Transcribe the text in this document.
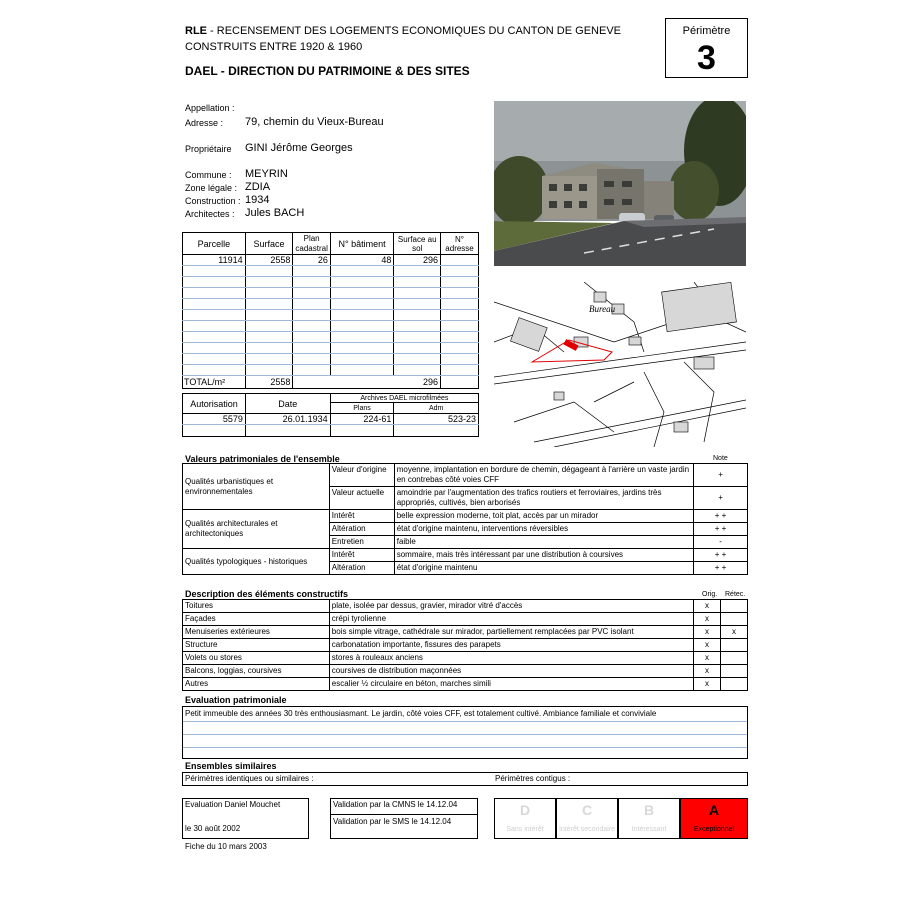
RLE - RECENSEMENT DES LOGEMENTS ECONOMIQUES DU CANTON DE GENEVE
CONSTRUITS ENTRE 1920 & 1960
DAEL - DIRECTION DU PATRIMOINE & DES SITES
Périmètre
3
Appellation :
Adresse : 79, chemin du Vieux-Bureau
Propriétaire GINI Jérôme Georges
Commune : MEYRIN
Zone légale : ZDIA
Construction : 1934
Architectes : Jules BACH
Parcelle	Surface	Plan cadastral	N° bâtiment	Surface au sol	N° adresse
11914	2558	26	48	296	

TOTAL/m²	2558	296			
Autorisation	Date	Archives DAEL microfilmées	
		Plans	Adm
5579	26.01.1934	224-61	523-23

Bureau
Valeurs patrimoniales de l'ensemble	Note
Qualités urbanistiques et environnementales	Valeur d'origine	moyenne, implantation en bordure de chemin, dégageant à l'arrière un vaste jardin en contrebas côté voies CFF	+
	Valeur actuelle	amoindrie par l'augmentation des trafics routiers et ferroviaires, jardins très appropriés, cultivés, bien arborisés	+
Qualités architecturales et architectoniques	Intérêt	belle expression moderne, toit plat, accès par un mirador	+ +
	Altération	état d'origine maintenu, interventions réversibles	+ +
	Entretien	faible	-
Qualités typologiques - historiques	Intérêt	sommaire, mais très intéressant par une distribution à coursives	+ +
	Altération	état d'origine maintenu	+ +
Description des éléments constructifs	Orig. Rétec.
Toitures	plate, isolée par dessus, gravier, mirador vitré d'accès	x	
Façades	crépi tyrolienne	x	
Menuiseries extérieures	bois simple vitrage, cathédrale sur mirador, partiellement remplacées par PVC isolant	x	x
Structure	carbonatation importante, fissures des parapets	x	
Volets ou stores	stores à rouleaux anciens	x	
Balcons, loggias, coursives	coursives de distribution maçonnées	x	
Autres	escalier ½ circulaire en béton, marches simili	x	
Evaluation patrimoniale
Petit immeuble des années 30 très enthousiasmant. Le jardin, côté voies CFF, est totalement cultivé. Ambiance familiale et conviviale
Ensembles similaires
Périmètres identiques ou similaires :	Périmètres contigus :
Evaluation Daniel Mouchet
le 30 août 2002
Fiche du 10 mars 2003
Validation par la CMNS le 14.12.04
Validation par le SMS le 14.12.04
D
Sans intérêt
C
Intérêt secondaire
B
Intéressant
A
Exceptionnel
